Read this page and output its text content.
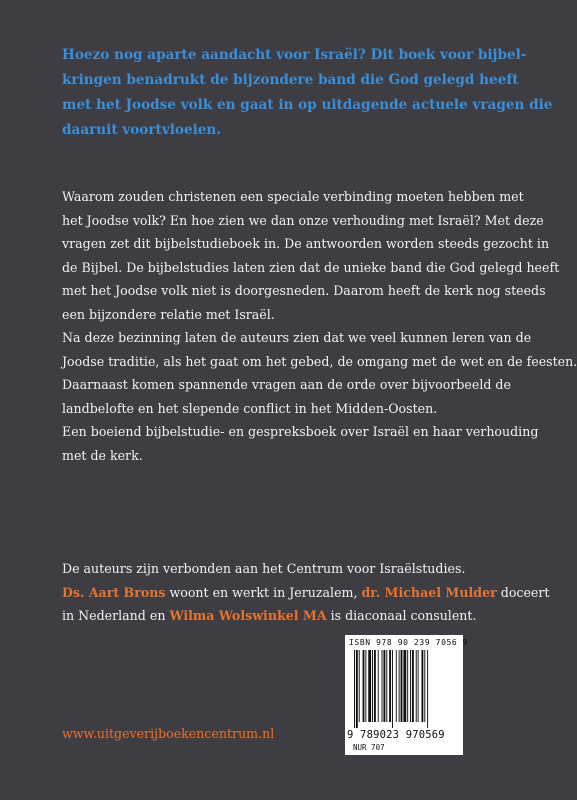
Hoezo nog aparte aandacht voor Israël? Dit boek voor bijbel-
kringen benadrukt de bijzondere band die God gelegd heeft
met het Joodse volk en gaat in op uitdagende actuele vragen die
daaruit voortvloeien.
Waarom zouden christenen een speciale verbinding moeten hebben met
het Joodse volk? En hoe zien we dan onze verhouding met Israël? Met deze
vragen zet dit bijbelstudieboek in. De antwoorden worden steeds gezocht in
de Bijbel. De bijbelstudies laten zien dat de unieke band die God gelegd heeft
met het Joodse volk niet is doorgesneden. Daarom heeft de kerk nog steeds
een bijzondere relatie met Israël.
Na deze bezinning laten de auteurs zien dat we veel kunnen leren van de
Joodse traditie, als het gaat om het gebed, de omgang met de wet en de feesten.
Daarnaast komen spannende vragen aan de orde over bijvoorbeeld de
landbelofte en het slepende conflict in het Midden-Oosten.
Een boeiend bijbelstudie- en gespreksboek over Israël en haar verhouding
met de kerk.
De auteurs zijn verbonden aan het Centrum voor Israëlstudies.
Ds. Aart Brons woont en werkt in Jeruzalem, dr. Michael Mulder doceert
in Nederland en Wilma Wolswinkel MA is diaconaal consulent.
ISBN 978 90 239 7056 9
9 789023 970569
NUR 707
www.uitgeverijboekencentrum.nl
